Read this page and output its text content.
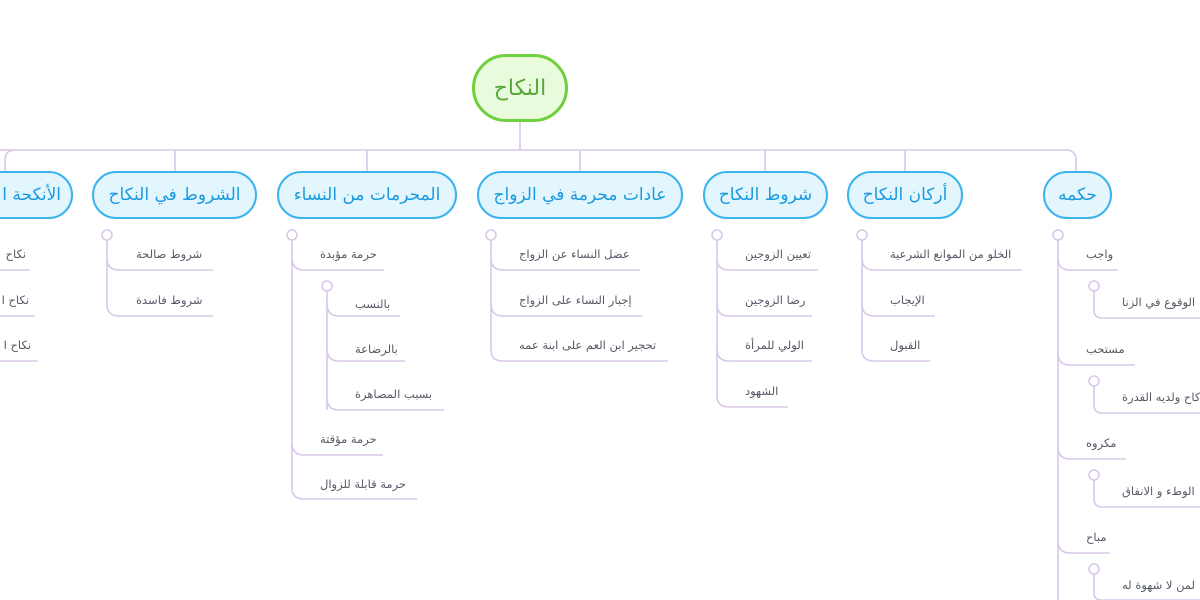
النكاح
حكمه
أركان النكاح
شروط النكاح
عادات محرمة في الزواج
المحرمات من النساء
الشروط في النكاح
الأنكحة ا
واجب
الوقوع في الزنا
مستحب
كاح ولديه القدرة
مكروه
الوطء و الانفاق
مباح
لمن لا شهوة له
الخلو من الموانع الشرعية
الإيجاب
القبول
تعيين الزوجين
رضا الزوجين
الولي للمرأة
الشهود
عضل النساء عن الزواج
إجبار النساء على الزواج
تحجير ابن العم على ابنة عمه
حرمة مؤبدة
بالنسب
بالرضاعة
بسبب المصاهرة
حرمة مؤقتة
حرمة قابلة للزوال
شروط صالحة
شروط فاسدة
نكاح
نكاح ا
نكاح ا
